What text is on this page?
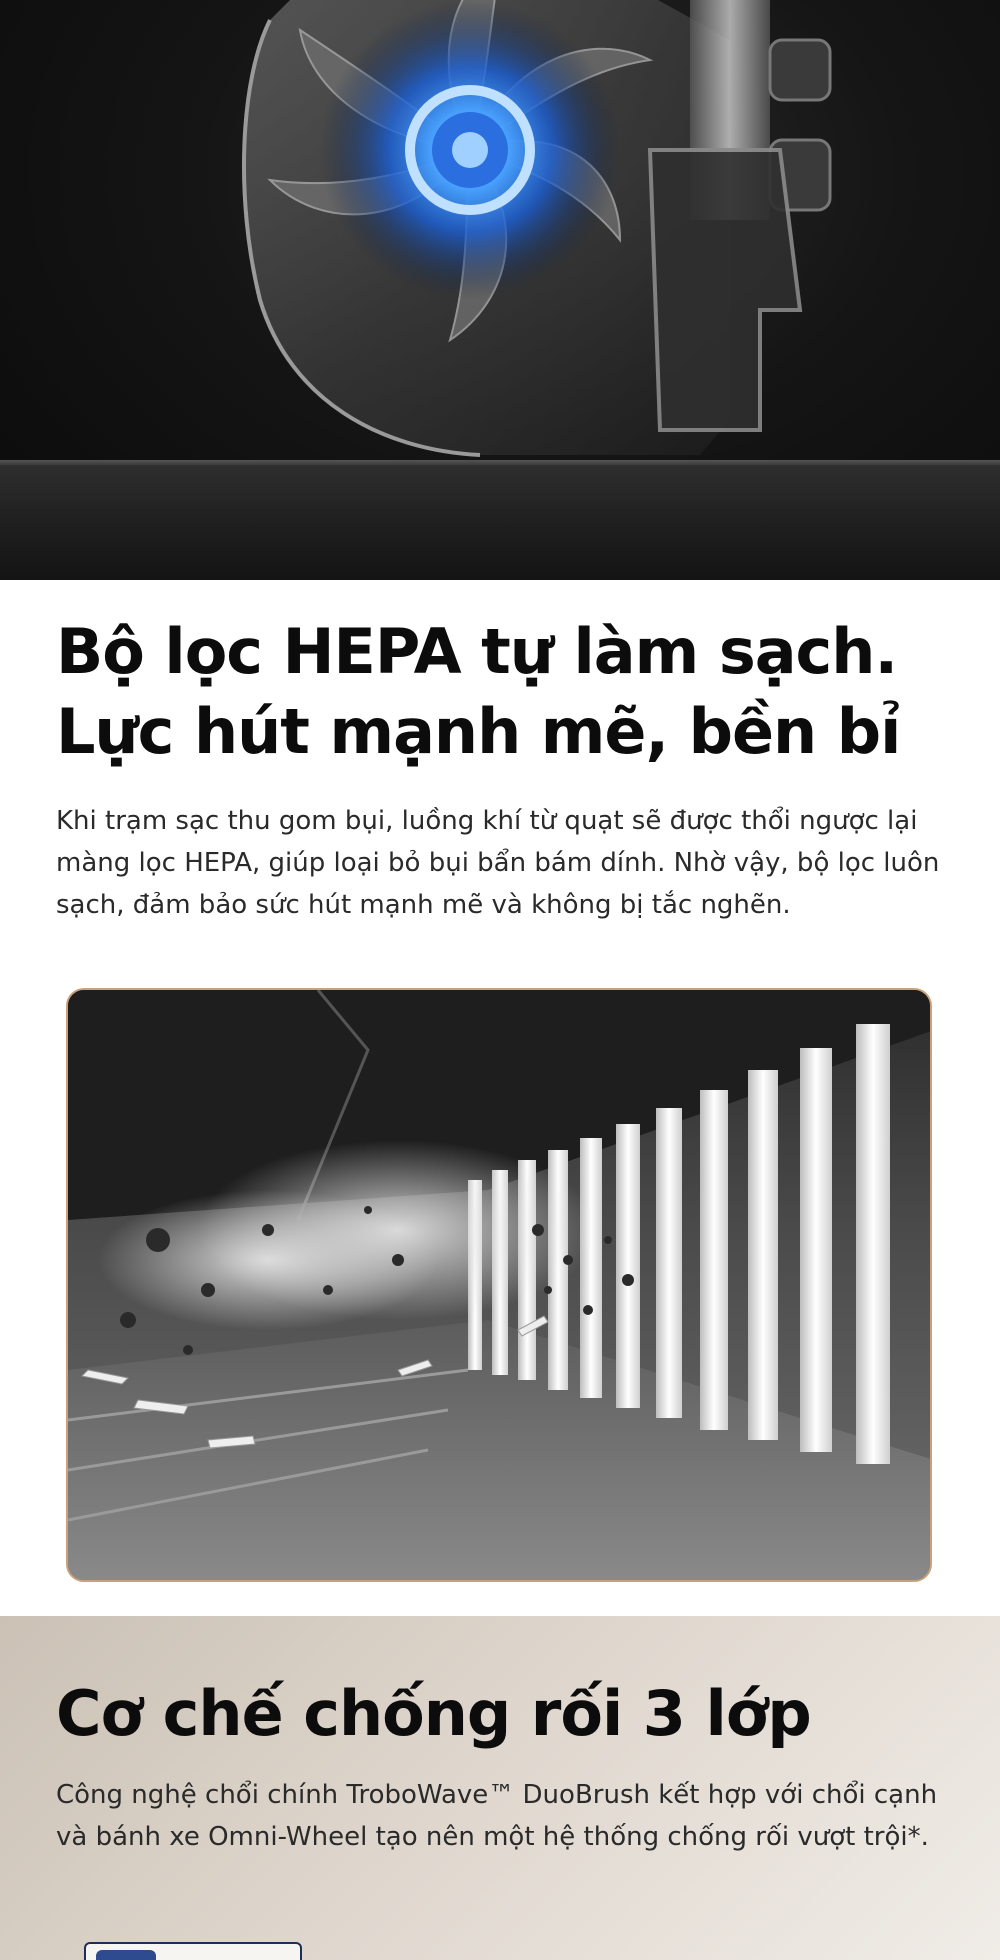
Bộ lọc HEPA tự làm sạch.
Lực hút mạnh mẽ, bền bỉ

Khi trạm sạc thu gom bụi, luồng khí từ quạt sẽ được thổi ngược lại màng lọc HEPA, giúp loại bỏ bụi bẩn bám dính. Nhờ vậy, bộ lọc luôn sạch, đảm bảo sức hút mạnh mẽ và không bị tắc nghẽn.

Cơ chế chống rối 3 lớp

Công nghệ chổi chính TroboWave™ DuoBrush kết hợp với chổi cạnh và bánh xe Omni-Wheel tạo nên một hệ thống chống rối vượt trội*.
